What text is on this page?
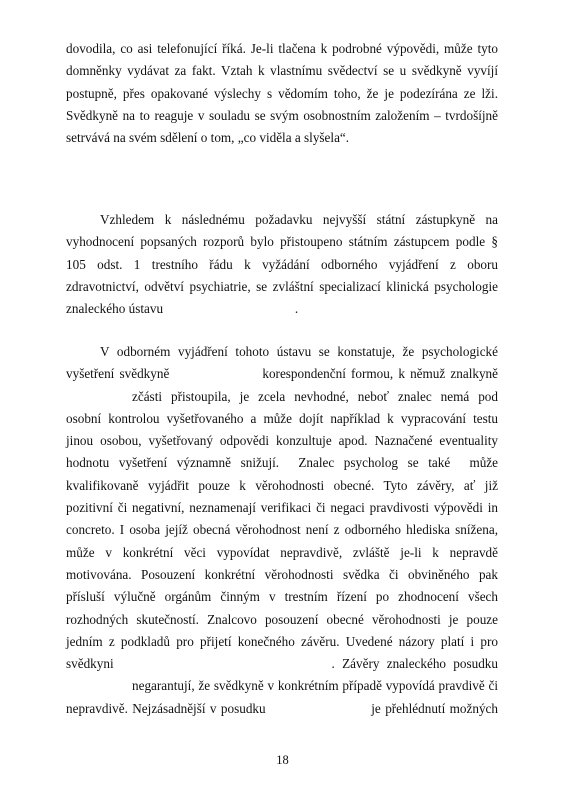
dovodila, co asi telefonující říká. Je-li tlačena k podrobné výpovědi, může tyto
domněnky vydávat za fakt. Vztah k vlastnímu svědectví se u svědkyně vyvíjí
postupně, přes opakované výslechy s vědomím toho, že je podezírána ze lži.
Svědkyně na to reaguje v souladu se svým osobnostním založením – tvrdošíjně
setrvává na svém sdělení o tom, „co viděla a slyšela“.
Vzhledem k následnému požadavku nejvyšší státní zástupkyně na
vyhodnocení popsaných rozporů bylo přistoupeno státním zástupcem podle §
105 odst. 1 trestního řádu k vyžádání odborného vyjádření z oboru
zdravotnictví, odvětví psychiatrie, se zvláštní specializací klinická psychologie
znaleckého ústavu                                        .
V odborném vyjádření tohoto ústavu se konstatuje, že psychologické
vyšetření svědkyně                  korespondenční formou, k němuž znalkyně
zčásti přistoupila, je zcela nevhodné, neboť znalec nemá pod
osobní kontrolou vyšetřovaného a může dojít například k vypracování testu
jinou osobou, vyšetřovaný odpovědi konzultuje apod. Naznačené eventuality
hodnotu vyšetření významně snižují.  Znalec psycholog se také  může
kvalifikovaně vyjádřit pouze k věrohodnosti obecné. Tyto závěry, ať již
pozitivní či negativní, neznamenají verifikaci či negaci pravdivosti výpovědi in
concreto. I osoba jejíž obecná věrohodnost není z odborného hlediska snížena,
může v konkrétní věci vypovídat nepravdivě, zvláště je-li k nepravdě
motivována. Posouzení konkrétní věrohodnosti svědka či obviněného pak
přísluší výlučně orgánům činným v trestním řízení po zhodnocení všech
rozhodných skutečností. Znalcovo posouzení obecné věrohodnosti je pouze
jedním z podkladů pro přijetí konečného závěru. Uvedené názory platí i pro
svědkyni                              . Závěry znaleckého posudku
negarantují, že svědkyně v konkrétním případě vypovídá pravdivě či
nepravdivě. Nejzásadnější v posudku                        je přehlédnutí možných
18
